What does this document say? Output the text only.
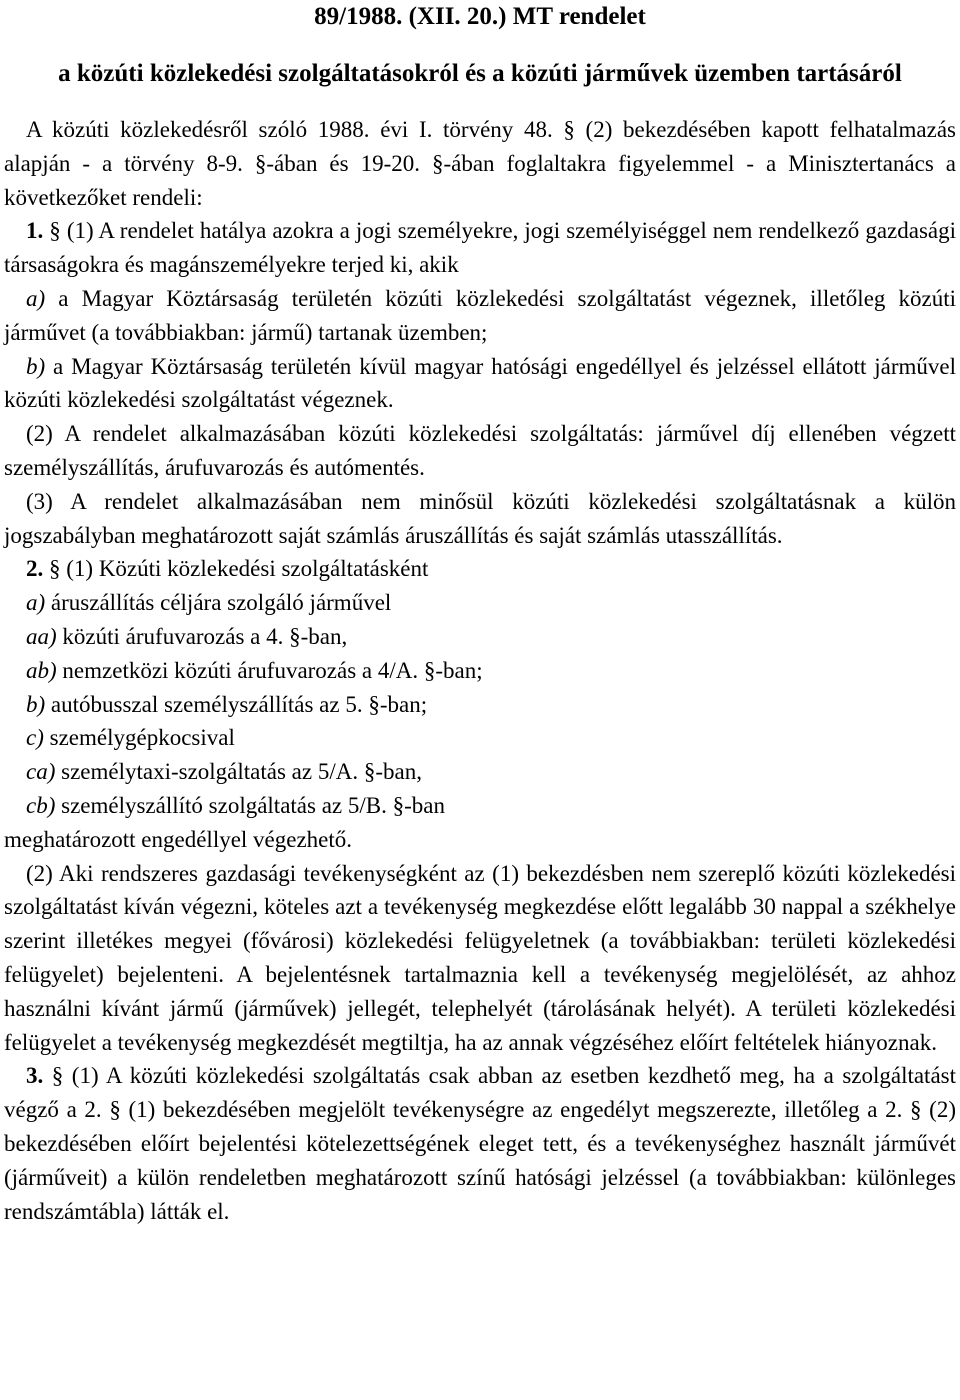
89/1988. (XII. 20.) MT rendelet
a közúti közlekedési szolgáltatásokról és a közúti járművek üzemben tartásáról

A közúti közlekedésről szóló 1988. évi I. törvény 48. § (2) bekezdésében kapott felhatalmazás alapján - a törvény 8-9. §-ában és 19-20. §-ában foglaltakra figyelemmel - a Minisztertanács a következőket rendeli:

1. § (1) A rendelet hatálya azokra a jogi személyekre, jogi személyiséggel nem rendelkező gazdasági társaságokra és magánszemélyekre terjed ki, akik

a) a Magyar Köztársaság területén közúti közlekedési szolgáltatást végeznek, illetőleg közúti járművet (a továbbiakban: jármű) tartanak üzemben;

b) a Magyar Köztársaság területén kívül magyar hatósági engedéllyel és jelzéssel ellátott járművel közúti közlekedési szolgáltatást végeznek.

(2) A rendelet alkalmazásában közúti közlekedési szolgáltatás: járművel díj ellenében végzett személyszállítás, árufuvarozás és autómentés.

(3) A rendelet alkalmazásában nem minősül közúti közlekedési szolgáltatásnak a külön jogszabályban meghatározott saját számlás áruszállítás és saját számlás utasszállítás.

2. § (1) Közúti közlekedési szolgáltatásként

a) áruszállítás céljára szolgáló járművel

aa) közúti árufuvarozás a 4. §-ban,

ab) nemzetközi közúti árufuvarozás a 4/A. §-ban;

b) autóbusszal személyszállítás az 5. §-ban;

c) személygépkocsival

ca) személytaxi-szolgáltatás az 5/A. §-ban,

cb) személyszállító szolgáltatás az 5/B. §-ban

meghatározott engedéllyel végezhető.

(2) Aki rendszeres gazdasági tevékenységként az (1) bekezdésben nem szereplő közúti közlekedési szolgáltatást kíván végezni, köteles azt a tevékenység megkezdése előtt legalább 30 nappal a székhelye szerint illetékes megyei (fővárosi) közlekedési felügyeletnek (a továbbiakban: területi közlekedési felügyelet) bejelenteni. A bejelentésnek tartalmaznia kell a tevékenység megjelölését, az ahhoz használni kívánt jármű (járművek) jellegét, telephelyét (tárolásának helyét). A területi közlekedési felügyelet a tevékenység megkezdését megtiltja, ha az annak végzéséhez előírt feltételek hiányoznak.

3. § (1) A közúti közlekedési szolgáltatás csak abban az esetben kezdhető meg, ha a szolgáltatást végző a 2. § (1) bekezdésében megjelölt tevékenységre az engedélyt megszerezte, illetőleg a 2. § (2) bekezdésében előírt bejelentési kötelezettségének eleget tett, és a tevékenységhez használt járművét (járműveit) a külön rendeletben meghatározott színű hatósági jelzéssel (a továbbiakban: különleges rendszámtábla) látták el.
